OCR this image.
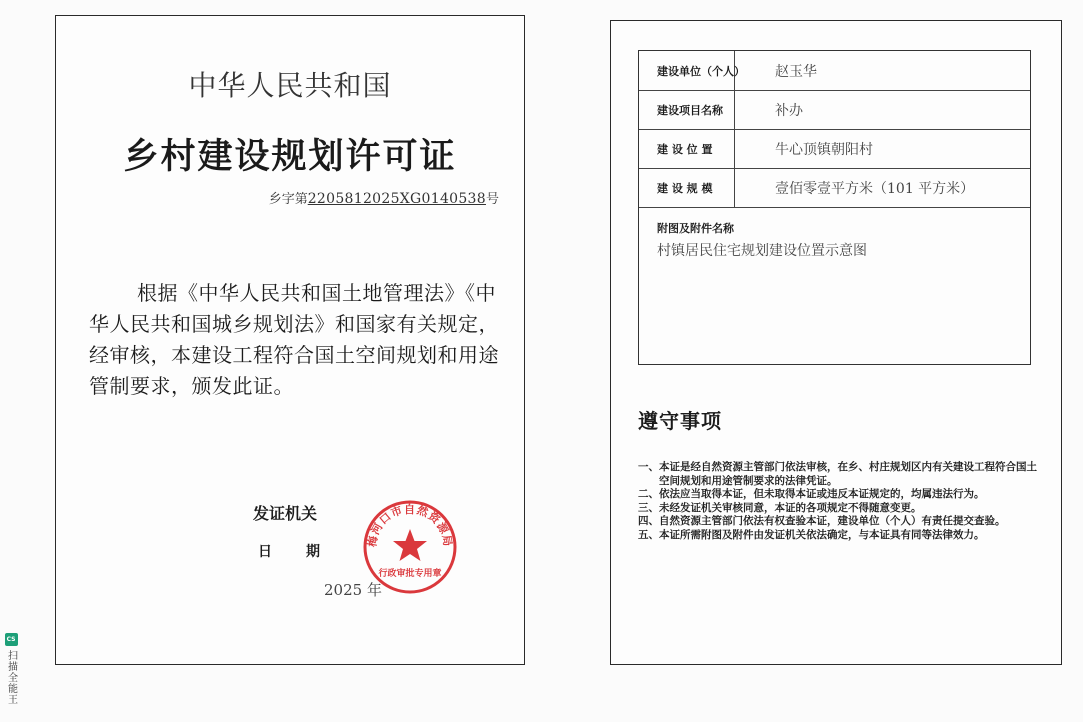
中华人民共和国
乡村建设规划许可证
乡字第2205812025XG0140538号
根据《中华人民共和国土地管理法》《中华人民共和国城乡规划法》和国家有关规定，经审核，本建设工程符合国土空间规划和用途管制要求，颁发此证。
发证机关
日 期
2025 年
梅河口市自然资源局
行政审批专用章
建设单位（个人）	赵玉华
建设项目名称	补办
建 设 位 置	牛心顶镇朝阳村
建 设 规 模	壹佰零壹平方米（101 平方米）
附图及附件名称
村镇居民住宅规划建设位置示意图
遵守事项
一、 本证是经自然资源主管部门依法审核，在乡、村庄规划区内有关建设工程符合国土空间规划和用途管制要求的法律凭证。
二、 依法应当取得本证，但未取得本证或违反本证规定的，均属违法行为。
三、 未经发证机关审核同意，本证的各项规定不得随意变更。
四、 自然资源主管部门依法有权查验本证，建设单位（个人）有责任提交查验。
五、 本证所需附图及附件由发证机关依法确定，与本证具有同等法律效力。
CS
扫描全能王
